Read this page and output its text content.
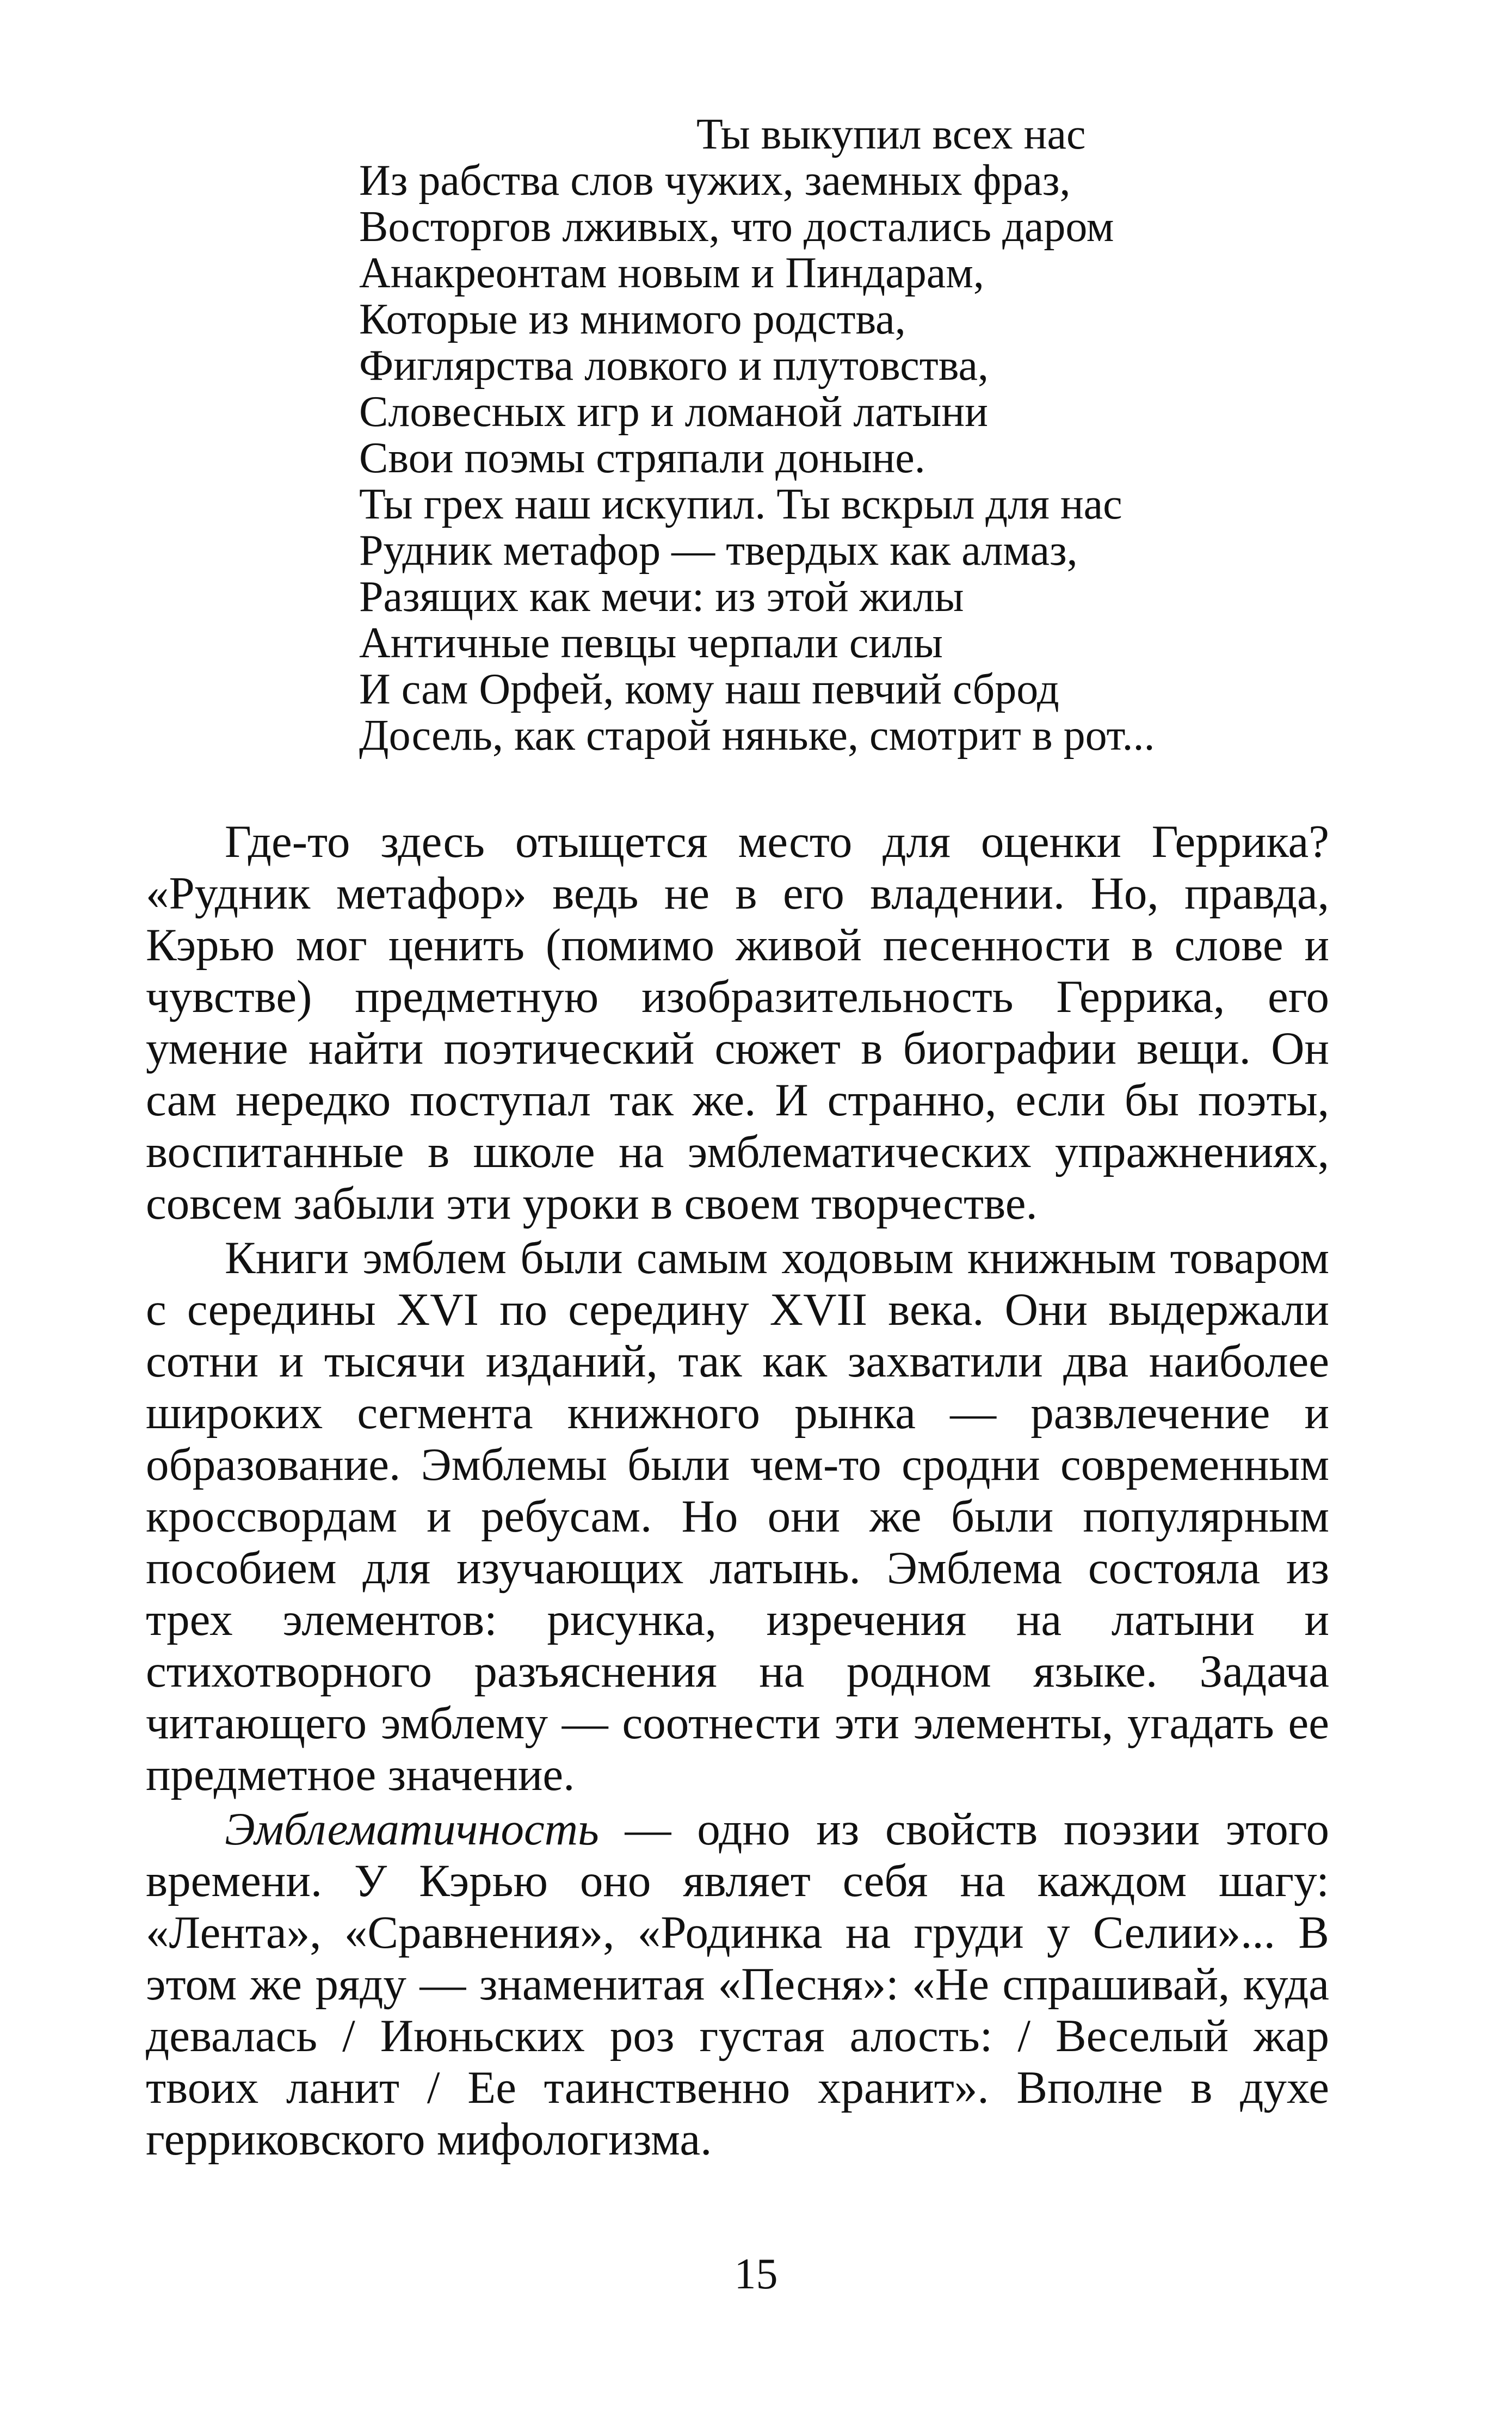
Ты выкупил всех нас
Из рабства слов чужих, заемных фраз,
Восторгов лживых, что достались даром
Анакреонтам новым и Пиндарам,
Которые из мнимого родства,
Фиглярства ловкого и плутовства,
Словесных игр и ломаной латыни
Свои поэмы стряпали доныне.
Ты грех наш искупил. Ты вскрыл для нас
Рудник метафор — твердых как алмаз,
Разящих как мечи: из этой жилы
Античные певцы черпали силы
И сам Орфей, кому наш певчий сброд
Досель, как старой няньке, смотрит в рот...

Где-то здесь отыщется место для оценки Геррика? «Рудник метафор» ведь не в его владении. Но, правда, Кэрью мог ценить (помимо живой песенности в слове и чувстве) предметную изобразительность Геррика, его умение найти поэтический сюжет в биографии вещи. Он сам нередко поступал так же. И странно, если бы поэты, воспитанные в школе на эмблематических упражнениях, совсем забыли эти уроки в своем творчестве.

Книги эмблем были самым ходовым книжным товаром с середины XVI по середину XVII века. Они выдержали сотни и тысячи изданий, так как захватили два наиболее широких сегмента книжного рынка — развлечение и образование. Эмблемы были чем-то сродни современным кроссвордам и ребусам. Но они же были популярным пособием для изучающих латынь. Эмблема состояла из трех элементов: рисунка, изречения на латыни и стихотворного разъяснения на родном языке. Задача читающего эмблему — соотнести эти элементы, угадать ее предметное значение.

Эмблематичность — одно из свойств поэзии этого времени. У Кэрью оно являет себя на каждом шагу: «Лента», «Сравнения», «Родинка на груди у Селии»... В этом же ряду — знаменитая «Песня»: «Не спрашивай, куда девалась / Июньских роз густая алость: / Веселый жар твоих ланит / Ее таинственно хранит». Вполне в духе герриковского мифологизма.

15
